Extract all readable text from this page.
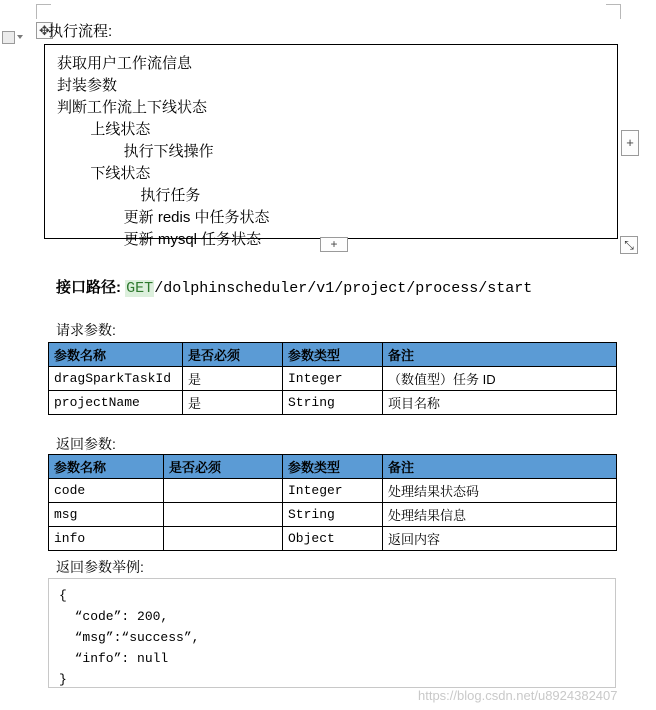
✥
获取用户工作流信息
封装参数
判断工作流上下线状态
上线状态
执行下线操作
下线状态
执行任务
更新 redis 中任务状态
更新 mysql 任务状态
执行流程:
+
+	⤡
接口路径: GET/dolphinscheduler/v1/project/process/start
请求参数:
参数名称	是否必须	参数类型	备注
dragSparkTaskId	是	Integer	（数值型）任务 ID
projectName	是	String	项目名称
返回参数:
参数名称	是否必须	参数类型	备注
code		Integer	处理结果状态码
msg		String	处理结果信息
info		Object	返回内容
返回参数举例:
{
“code”: 200,
“msg”:“success”,
“info”: null
}
https://blog.csdn.net/u8924382407
